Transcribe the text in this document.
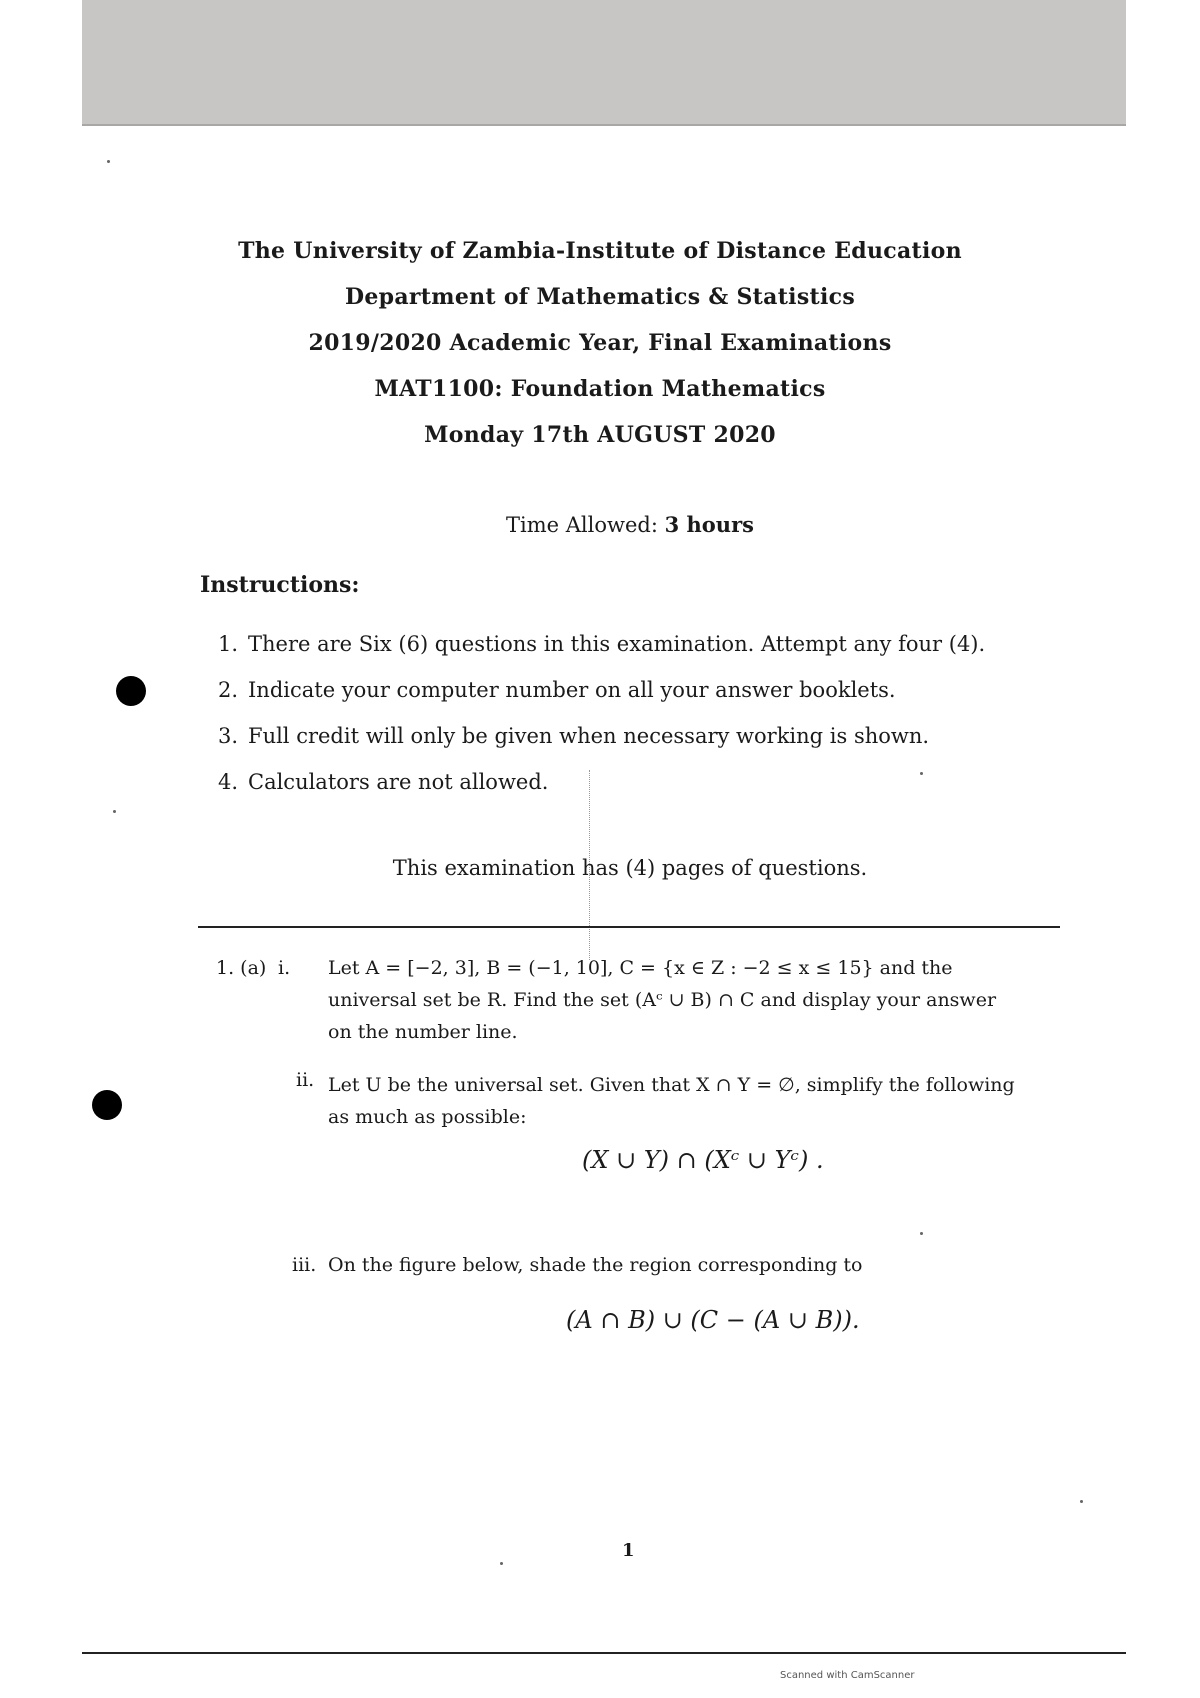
The University of Zambia-Institute of Distance Education
Department of Mathematics & Statistics
2019/2020 Academic Year, Final Examinations
MAT1100: Foundation Mathematics
Monday 17th AUGUST 2020
Time Allowed: 3 hours
Instructions:
1. There are Six (6) questions in this examination. Attempt any four (4).
2. Indicate your computer number on all your answer booklets.
3. Full credit will only be given when necessary working is shown.
4. Calculators are not allowed.
This examination has (4) pages of questions.
1. (a) i.	Let A = [−2, 3], B = (−1, 10], C = {x ∈ Z : −2 ≤ x ≤ 15} and the
universal set be R. Find the set (Aᶜ ∪ B) ∩ C and display your answer
on the number line.
ii. Let U be the universal set. Given that X ∩ Y = ∅, simplify the following
as much as possible:
(X ∪ Y) ∩ (Xᶜ ∪ Yᶜ) .
iii. On the figure below, shade the region corresponding to
(A ∩ B) ∪ (C − (A ∪ B)).
1
Scanned with CamScanner
